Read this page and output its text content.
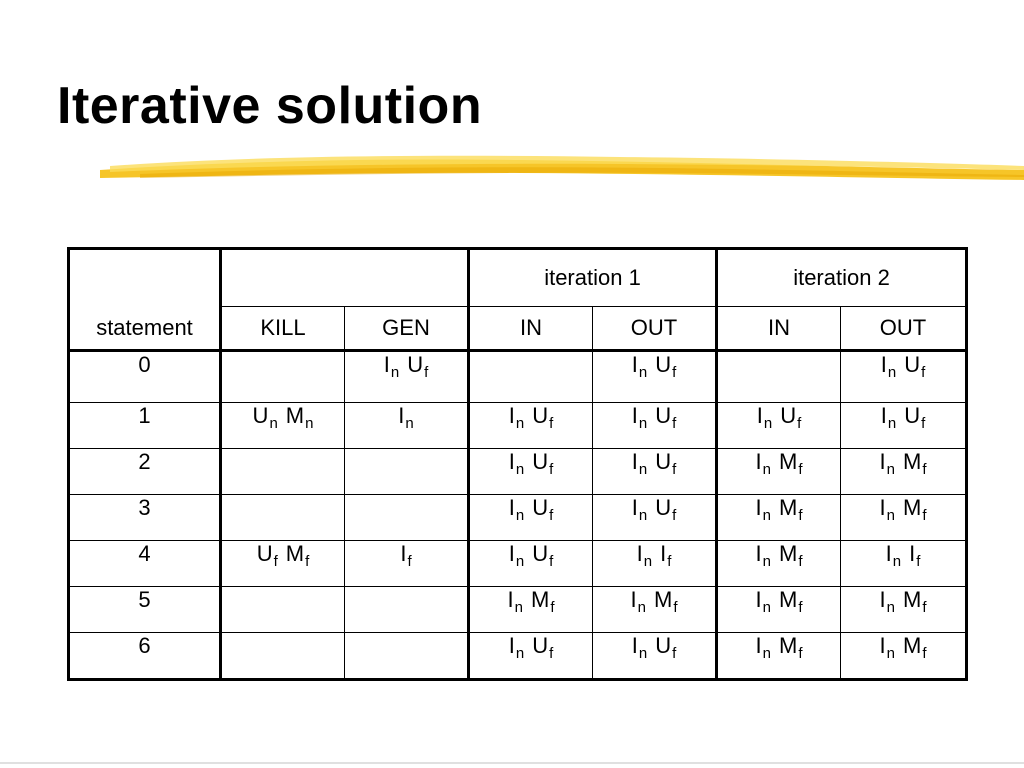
Iterative solution
statement			iteration 1		iteration 2	
	KILL	GEN	IN	OUT	IN	OUT
0		$I_n$ $U_f$		$I_n$ $U_f$		$I_n$ $U_f$
1	$U_n$ $M_n$	$I_n$	$I_n$ $U_f$	$I_n$ $U_f$	$I_n$ $U_f$	$I_n$ $U_f$
2			$I_n$ $U_f$	$I_n$ $U_f$	$I_n$ $M_f$	$I_n$ $M_f$
3			$I_n$ $U_f$	$I_n$ $U_f$	$I_n$ $M_f$	$I_n$ $M_f$
4	$U_f$ $M_f$	$I_f$	$I_n$ $U_f$	$I_n$ $I_f$	$I_n$ $M_f$	$I_n$ $I_f$
5			$I_n$ $M_f$	$I_n$ $M_f$	$I_n$ $M_f$	$I_n$ $M_f$
6			$I_n$ $U_f$	$I_n$ $U_f$	$I_n$ $M_f$	$I_n$ $M_f$
